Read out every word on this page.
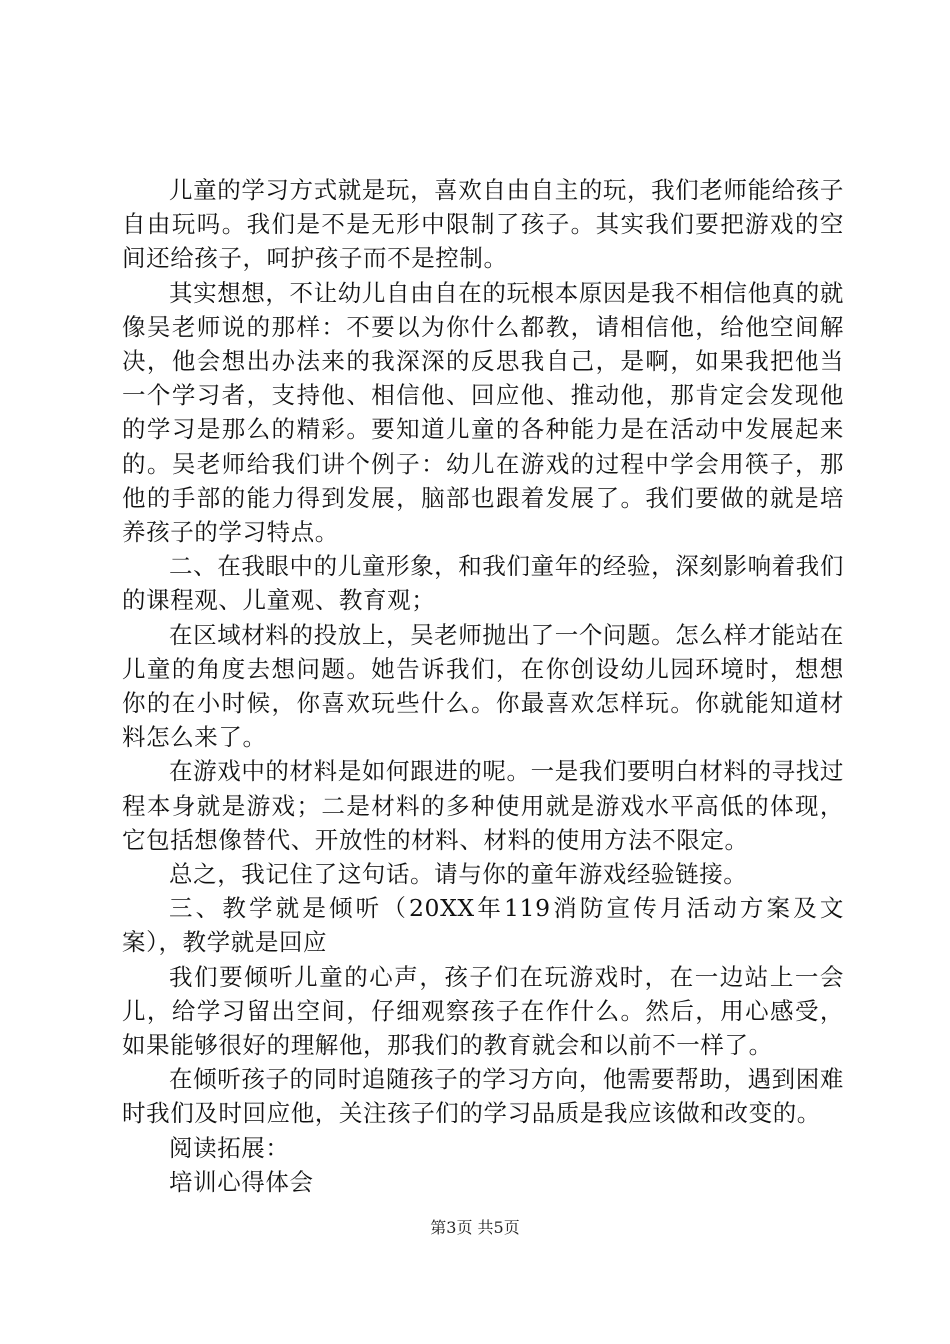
儿童的学习方式就是玩，喜欢自由自主的玩，我们老师能给孩子自由玩吗。我们是不是无形中限制了孩子。其实我们要把游戏的空间还给孩子，呵护孩子而不是控制。

其实想想，不让幼儿自由自在的玩根本原因是我不相信他真的就像吴老师说的那样：不要以为你什么都教，请相信他，给他空间解决，他会想出办法来的我深深的反思我自己，是啊，如果我把他当一个学习者，支持他、相信他、回应他、推动他，那肯定会发现他的学习是那么的精彩。要知道儿童的各种能力是在活动中发展起来的。吴老师给我们讲个例子：幼儿在游戏的过程中学会用筷子，那他的手部的能力得到发展，脑部也跟着发展了。我们要做的就是培养孩子的学习特点。

二、在我眼中的儿童形象，和我们童年的经验，深刻影响着我们的课程观、儿童观、教育观；

在区域材料的投放上，吴老师抛出了一个问题。怎么样才能站在儿童的角度去想问题。她告诉我们，在你创设幼儿园环境时，想想你的在小时候，你喜欢玩些什么。你最喜欢怎样玩。你就能知道材料怎么来了。

在游戏中的材料是如何跟进的呢。一是我们要明白材料的寻找过程本身就是游戏；二是材料的多种使用就是游戏水平高低的体现，它包括想像替代、开放性的材料、材料的使用方法不限定。

总之，我记住了这句话。请与你的童年游戏经验链接。

三、教学就是倾听（20XX年119消防宣传月活动方案及文案），教学就是回应

我们要倾听儿童的心声，孩子们在玩游戏时，在一边站上一会儿，给学习留出空间，仔细观察孩子在作什么。然后，用心感受，如果能够很好的理解他，那我们的教育就会和以前不一样了。

在倾听孩子的同时追随孩子的学习方向，他需要帮助，遇到困难时我们及时回应他，关注孩子们的学习品质是我应该做和改变的。

阅读拓展：

培训心得体会

第3页 共5页
